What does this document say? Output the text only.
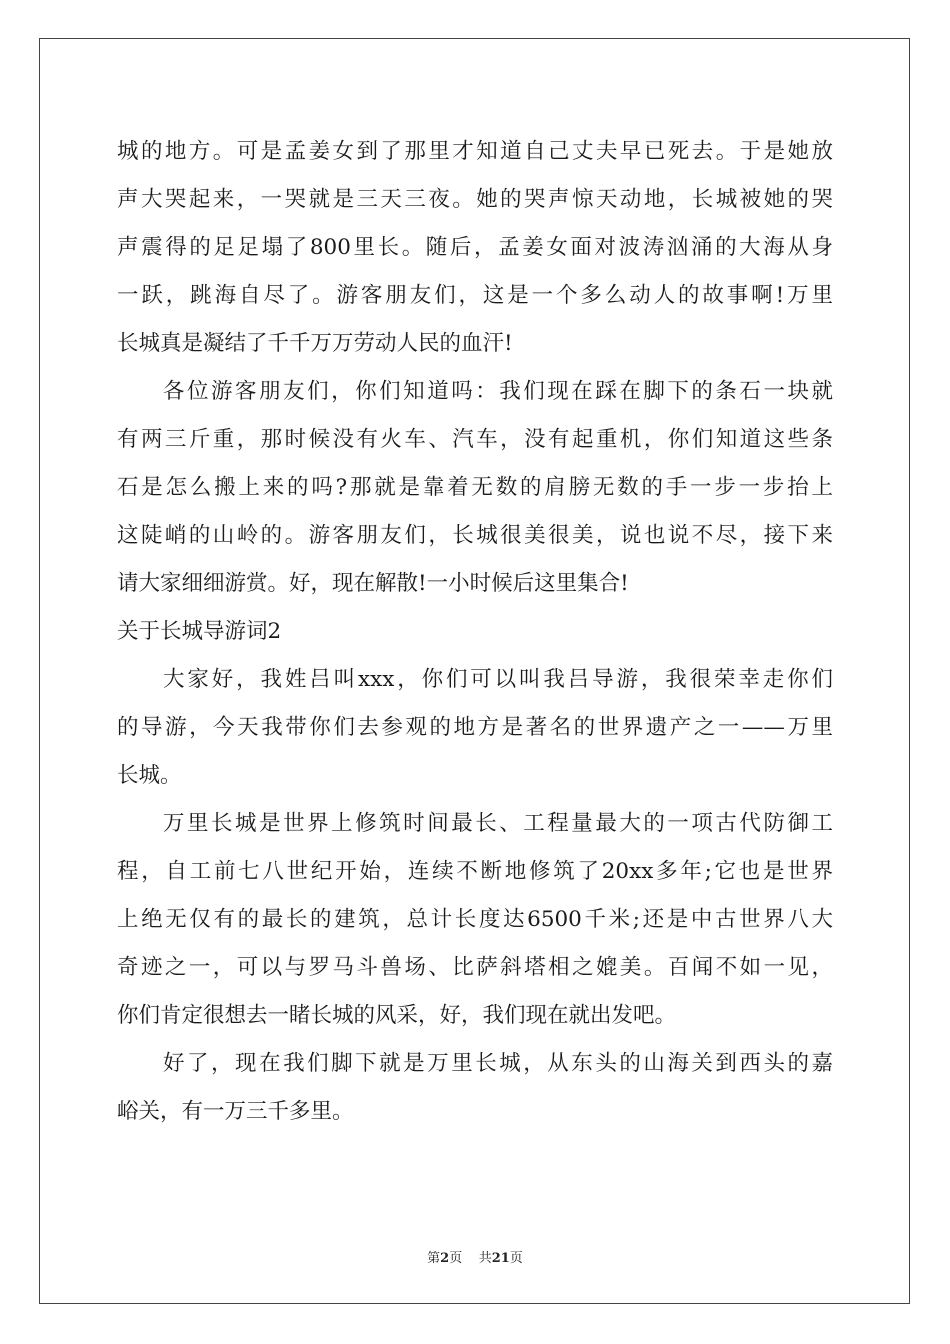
城的地方。可是孟姜女到了那里才知道自己丈夫早已死去。于是她放
声大哭起来，一哭就是三天三夜。她的哭声惊天动地，长城被她的哭
声震得的足足塌了800里长。随后，孟姜女面对波涛汹涌的大海从身
一跃，跳海自尽了。游客朋友们，这是一个多么动人的故事啊!万里
长城真是凝结了千千万万劳动人民的血汗!
各位游客朋友们，你们知道吗：我们现在踩在脚下的条石一块就
有两三斤重，那时候没有火车、汽车，没有起重机，你们知道这些条
石是怎么搬上来的吗?那就是靠着无数的肩膀无数的手一步一步抬上
这陡峭的山岭的。游客朋友们，长城很美很美，说也说不尽，接下来
请大家细细游赏。好，现在解散!一小时候后这里集合!
关于长城导游词2
大家好，我姓吕叫xxx，你们可以叫我吕导游，我很荣幸走你们
的导游，今天我带你们去参观的地方是著名的世界遗产之一——万里
长城。
万里长城是世界上修筑时间最长、工程量最大的一项古代防御工
程，自工前七八世纪开始，连续不断地修筑了20xx多年;它也是世界
上绝无仅有的最长的建筑，总计长度达6500千米;还是中古世界八大
奇迹之一，可以与罗马斗兽场、比萨斜塔相之媲美。百闻不如一见，
你们肯定很想去一睹长城的风采，好，我们现在就出发吧。
好了，现在我们脚下就是万里长城，从东头的山海关到西头的嘉
峪关，有一万三千多里。
第2页 共21页
